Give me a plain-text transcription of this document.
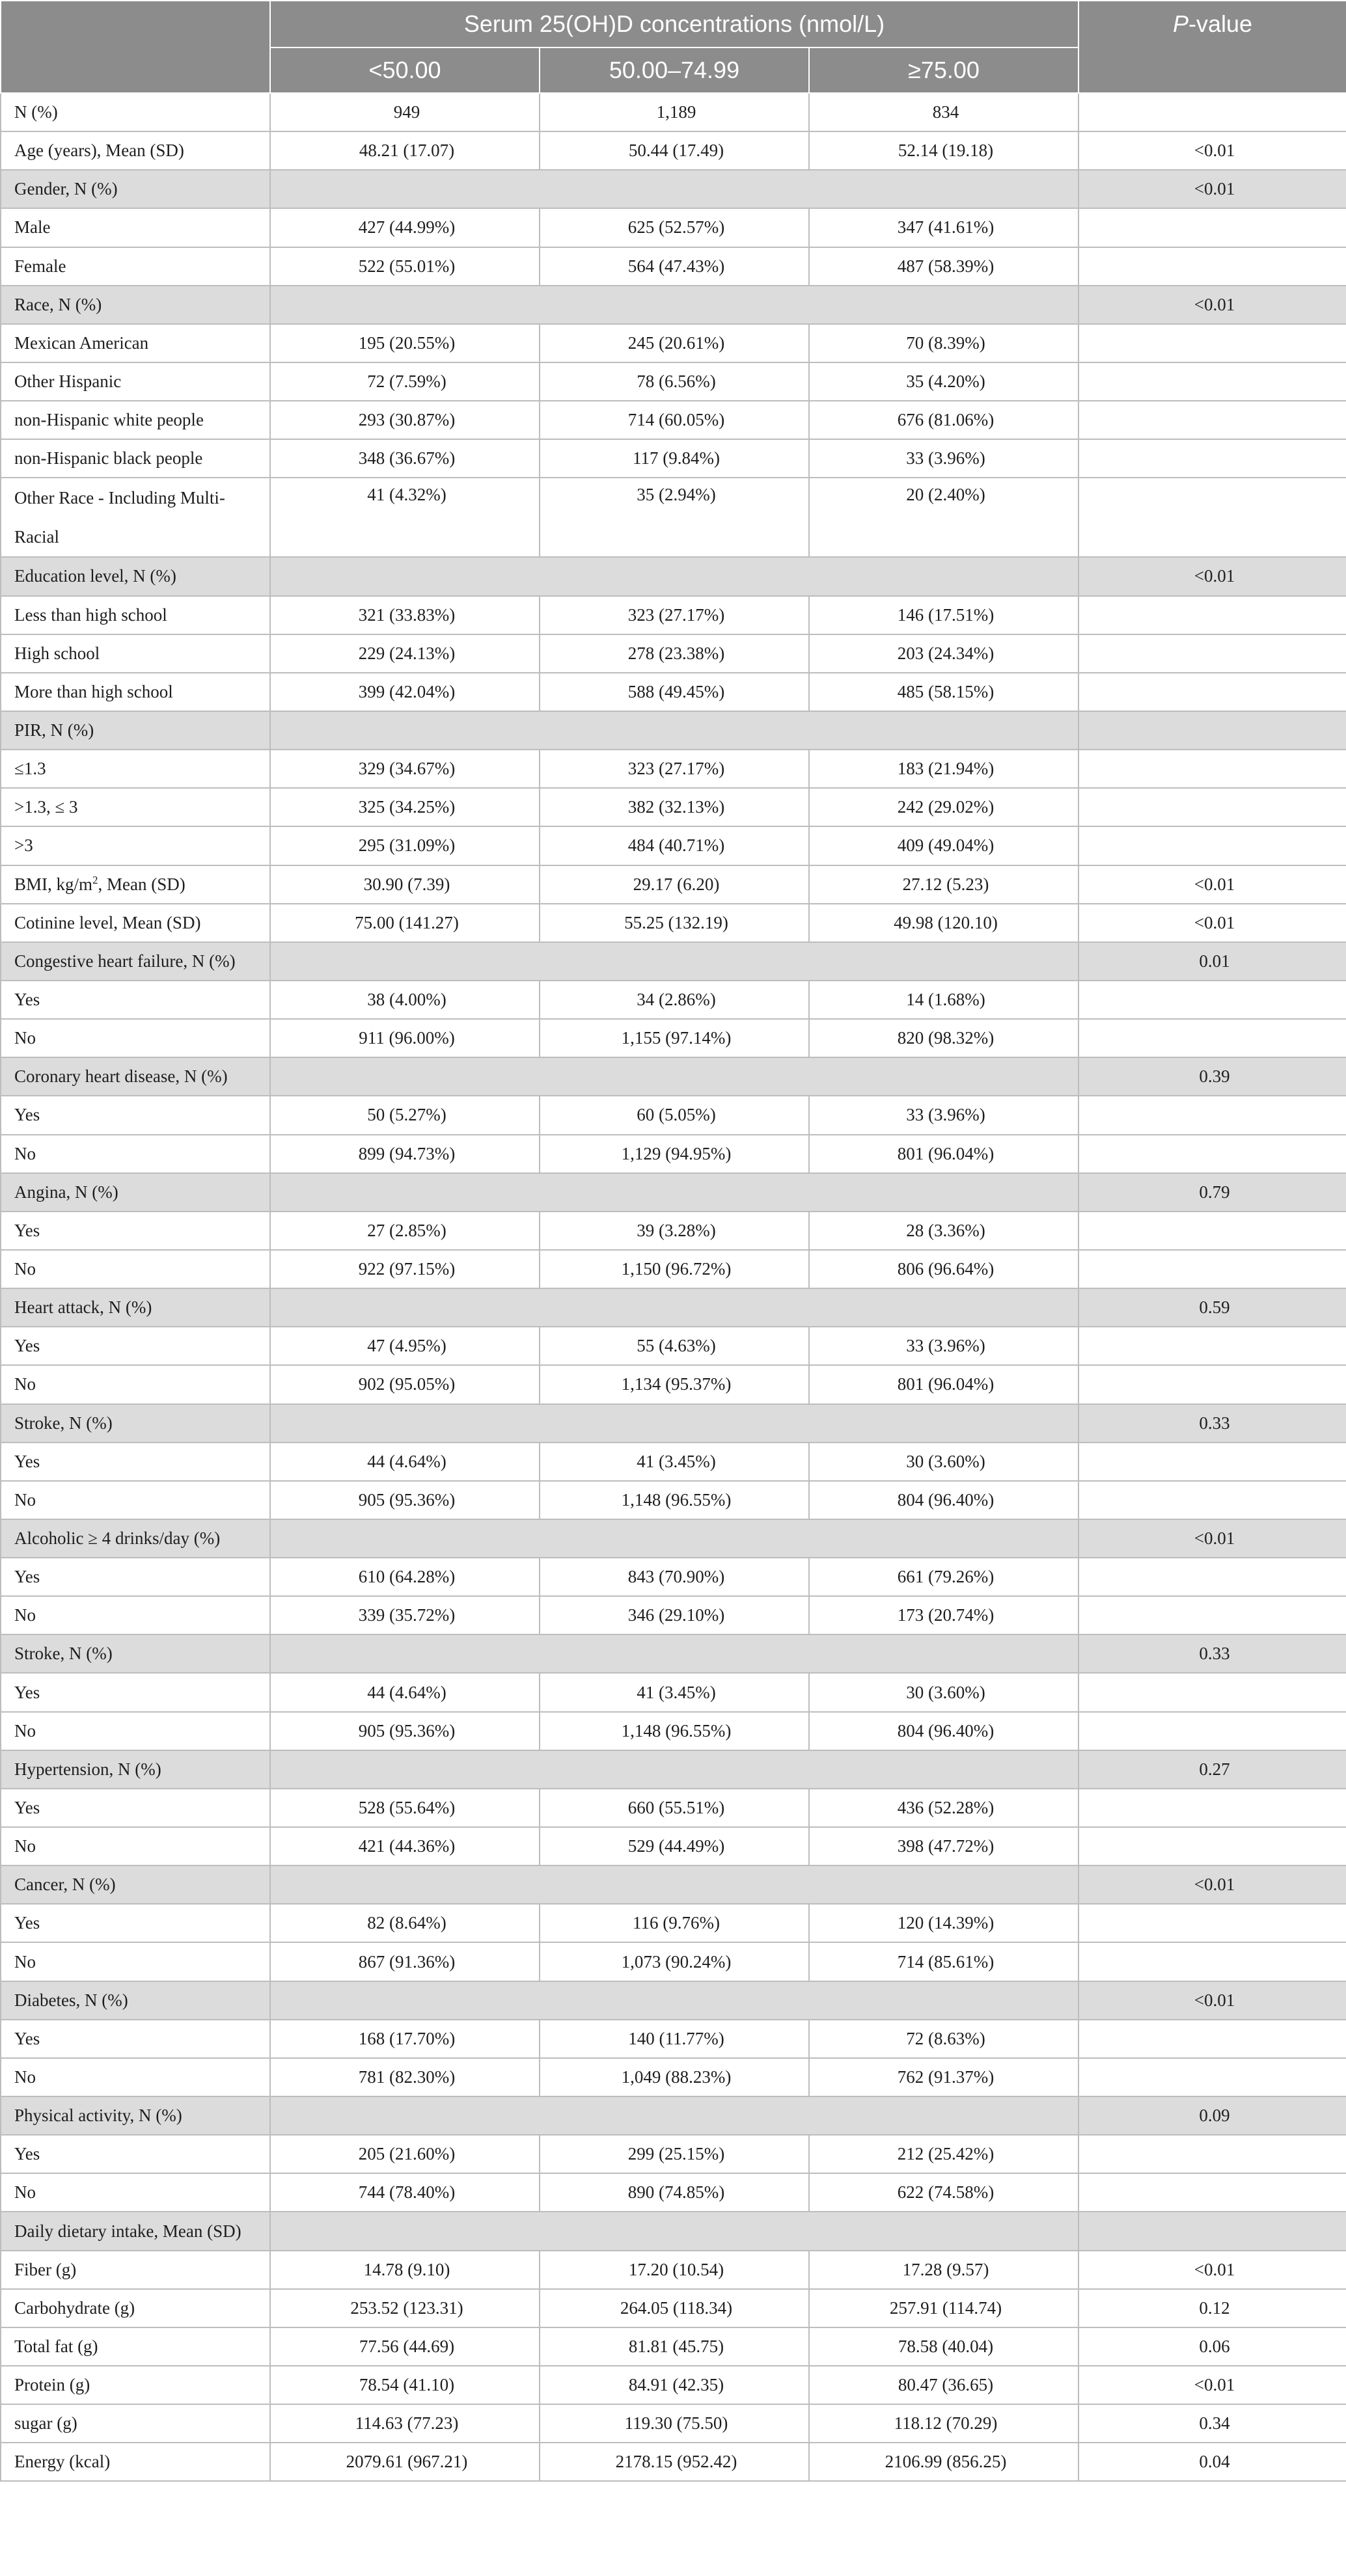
	Serum 25(OH)D concentrations (nmol/L)			P-value
	<50.00	50.00–74.99	≥75.00	
N (%)	949	1,189	834	
Age (years), Mean (SD)	48.21 (17.07)	50.44 (17.49)	52.14 (19.18)	<0.01
Gender, N (%)				<0.01
Male	427 (44.99%)	625 (52.57%)	347 (41.61%)	
Female	522 (55.01%)	564 (47.43%)	487 (58.39%)	
Race, N (%)				<0.01
Mexican American	195 (20.55%)	245 (20.61%)	70 (8.39%)	
Other Hispanic	72 (7.59%)	78 (6.56%)	35 (4.20%)	
non-Hispanic white people	293 (30.87%)	714 (60.05%)	676 (81.06%)	
non-Hispanic black people	348 (36.67%)	117 (9.84%)	33 (3.96%)	
Other Race - Including Multi-Racial	41 (4.32%)	35 (2.94%)	20 (2.40%)	
Education level, N (%)				<0.01
Less than high school	321 (33.83%)	323 (27.17%)	146 (17.51%)	
High school	229 (24.13%)	278 (23.38%)	203 (24.34%)	
More than high school	399 (42.04%)	588 (49.45%)	485 (58.15%)	
PIR, N (%)				
≤1.3	329 (34.67%)	323 (27.17%)	183 (21.94%)	
>1.3, ≤ 3	325 (34.25%)	382 (32.13%)	242 (29.02%)	
>3	295 (31.09%)	484 (40.71%)	409 (49.04%)	
BMI, $kg/m^2$, Mean (SD)	30.90 (7.39)	29.17 (6.20)	27.12 (5.23)	<0.01
Cotinine level, Mean (SD)	75.00 (141.27)	55.25 (132.19)	49.98 (120.10)	<0.01
Congestive heart failure, N (%)				0.01
Yes	38 (4.00%)	34 (2.86%)	14 (1.68%)	
No	911 (96.00%)	1,155 (97.14%)	820 (98.32%)	
Coronary heart disease, N (%)				0.39
Yes	50 (5.27%)	60 (5.05%)	33 (3.96%)	
No	899 (94.73%)	1,129 (94.95%)	801 (96.04%)	
Angina, N (%)				0.79
Yes	27 (2.85%)	39 (3.28%)	28 (3.36%)	
No	922 (97.15%)	1,150 (96.72%)	806 (96.64%)	
Heart attack, N (%)				0.59
Yes	47 (4.95%)	55 (4.63%)	33 (3.96%)	
No	902 (95.05%)	1,134 (95.37%)	801 (96.04%)	
Stroke, N (%)				0.33
Yes	44 (4.64%)	41 (3.45%)	30 (3.60%)	
No	905 (95.36%)	1,148 (96.55%)	804 (96.40%)	
Alcoholic ≥ 4 drinks/day (%)				<0.01
Yes	610 (64.28%)	843 (70.90%)	661 (79.26%)	
No	339 (35.72%)	346 (29.10%)	173 (20.74%)	
Stroke, N (%)				0.33
Yes	44 (4.64%)	41 (3.45%)	30 (3.60%)	
No	905 (95.36%)	1,148 (96.55%)	804 (96.40%)	
Hypertension, N (%)				0.27
Yes	528 (55.64%)	660 (55.51%)	436 (52.28%)	
No	421 (44.36%)	529 (44.49%)	398 (47.72%)	
Cancer, N (%)				<0.01
Yes	82 (8.64%)	116 (9.76%)	120 (14.39%)	
No	867 (91.36%)	1,073 (90.24%)	714 (85.61%)	
Diabetes, N (%)				<0.01
Yes	168 (17.70%)	140 (11.77%)	72 (8.63%)	
No	781 (82.30%)	1,049 (88.23%)	762 (91.37%)	
Physical activity, N (%)				0.09
Yes	205 (21.60%)	299 (25.15%)	212 (25.42%)	
No	744 (78.40%)	890 (74.85%)	622 (74.58%)	
Daily dietary intake, Mean (SD)				
Fiber (g)	14.78 (9.10)	17.20 (10.54)	17.28 (9.57)	<0.01
Carbohydrate (g)	253.52 (123.31)	264.05 (118.34)	257.91 (114.74)	0.12
Total fat (g)	77.56 (44.69)	81.81 (45.75)	78.58 (40.04)	0.06
Protein (g)	78.54 (41.10)	84.91 (42.35)	80.47 (36.65)	<0.01
sugar (g)	114.63 (77.23)	119.30 (75.50)	118.12 (70.29)	0.34
Energy (kcal)	2079.61 (967.21)	2178.15 (952.42)	2106.99 (856.25)	0.04
